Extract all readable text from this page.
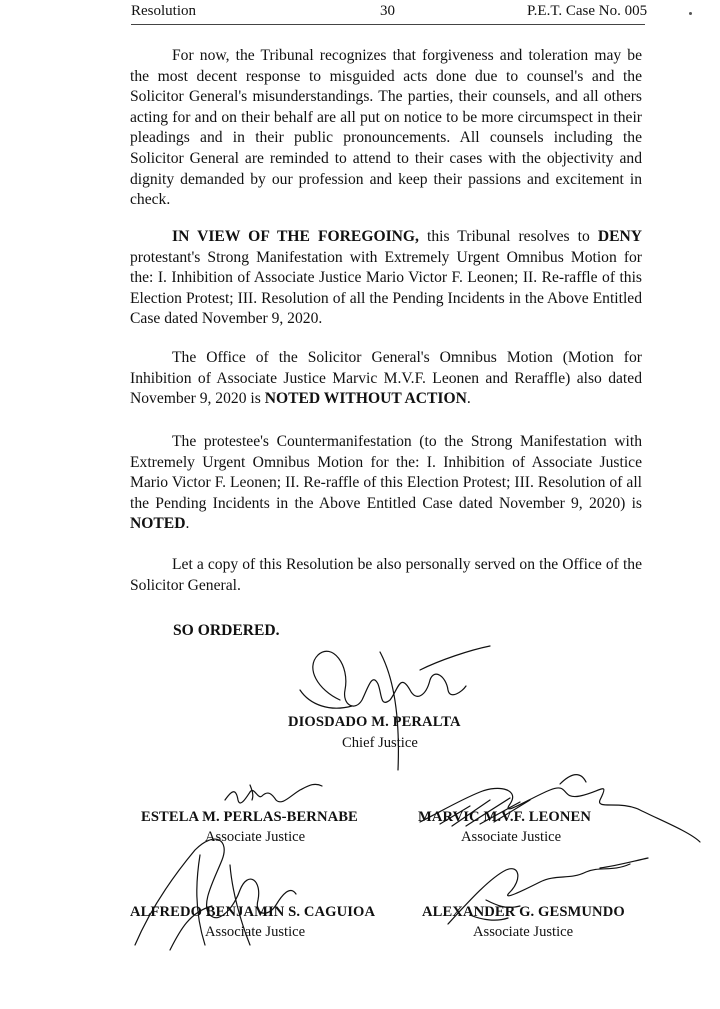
Resolution	30	P.E.T. Case No. 005
For now, the Tribunal recognizes that forgiveness and toleration may be the most decent response to misguided acts done due to counsel's and the Solicitor General's misunderstandings. The parties, their counsels, and all others acting for and on their behalf are all put on notice to be more circumspect in their pleadings and in their public pronouncements. All counsels including the Solicitor General are reminded to attend to their cases with the objectivity and dignity demanded by our profession and keep their passions and excitement in check.
IN VIEW OF THE FOREGOING, this Tribunal resolves to DENY protestant's Strong Manifestation with Extremely Urgent Omnibus Motion for the: I. Inhibition of Associate Justice Mario Victor F. Leonen; II. Re-raffle of this Election Protest; III. Resolution of all the Pending Incidents in the Above Entitled Case dated November 9, 2020.
The Office of the Solicitor General's Omnibus Motion (Motion for Inhibition of Associate Justice Marvic M.V.F. Leonen and Reraffle) also dated November 9, 2020 is NOTED WITHOUT ACTION.
The protestee's Countermanifestation (to the Strong Manifestation with Extremely Urgent Omnibus Motion for the: I. Inhibition of Associate Justice Mario Victor F. Leonen; II. Re-raffle of this Election Protest; III. Resolution of all the Pending Incidents in the Above Entitled Case dated November 9, 2020) is NOTED.
Let a copy of this Resolution be also personally served on the Office of the Solicitor General.
SO ORDERED.
DIOSDADO M. PERALTA
Chief Justice
ESTELA M. PERLAS-BERNABE
Associate Justice
MARVIC M.V.F. LEONEN
Associate Justice
ALFREDO BENJAMIN S. CAGUIOA
Associate Justice
ALEXANDER G. GESMUNDO
Associate Justice
